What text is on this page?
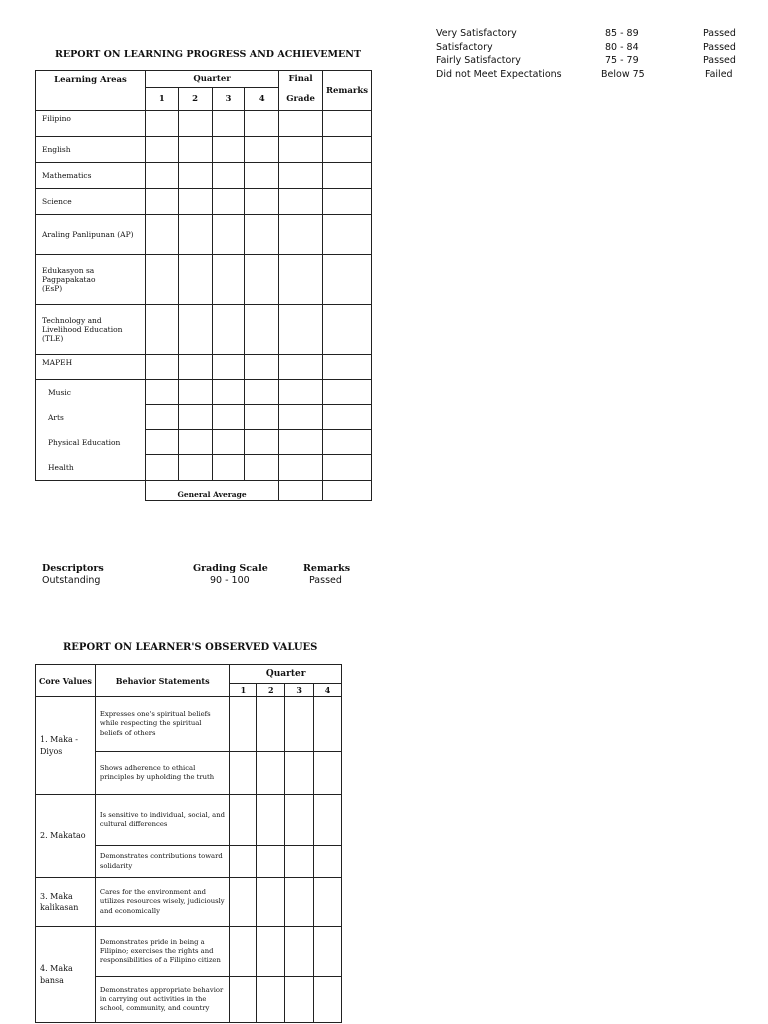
Very Satisfactory	85 - 89	Passed
Satisfactory	80 - 84	Passed
Fairly Satisfactory	75 - 79	Passed
Did not Meet Expectations	Below 75	Failed
REPORT ON LEARNING PROGRESS AND ACHIEVEMENT
Learning Areas	Quarter				Final	Remarks
	1	2	3	4	Grade	
Filipino						
English						
Mathematics						
Science						
Araling Panlipunan (AP)						
Edukasyon sa Pagpapakatao (EsP)						
Technology and Livelihood Education (TLE)						
MAPEH						
Music						
Arts						
Physical Education						
Health						
	General Average					
Descriptors	Grading Scale	Remarks
Outstanding	90 - 100	Passed
REPORT ON LEARNER'S OBSERVED VALUES
Core Values	Behavior Statements	Quarter			
		1	2	3	4
1. Maka - Diyos	Expresses one's spiritual beliefs while respecting the spiritual beliefs of others				
	Shows adherence to ethical principles by upholding the truth				
2. Makatao	Is sensitive to individual, social, and cultural differences				
	Demonstrates contributions toward solidarity				
3. Maka kalikasan	Cares for the environment and utilizes resources wisely, judiciously and economically				
4. Maka bansa	Demonstrates pride in being a Filipino; exercises the rights and responsibilities of a Filipino citizen				
	Demonstrates appropriate behavior in carrying out activities in the school, community, and country				
